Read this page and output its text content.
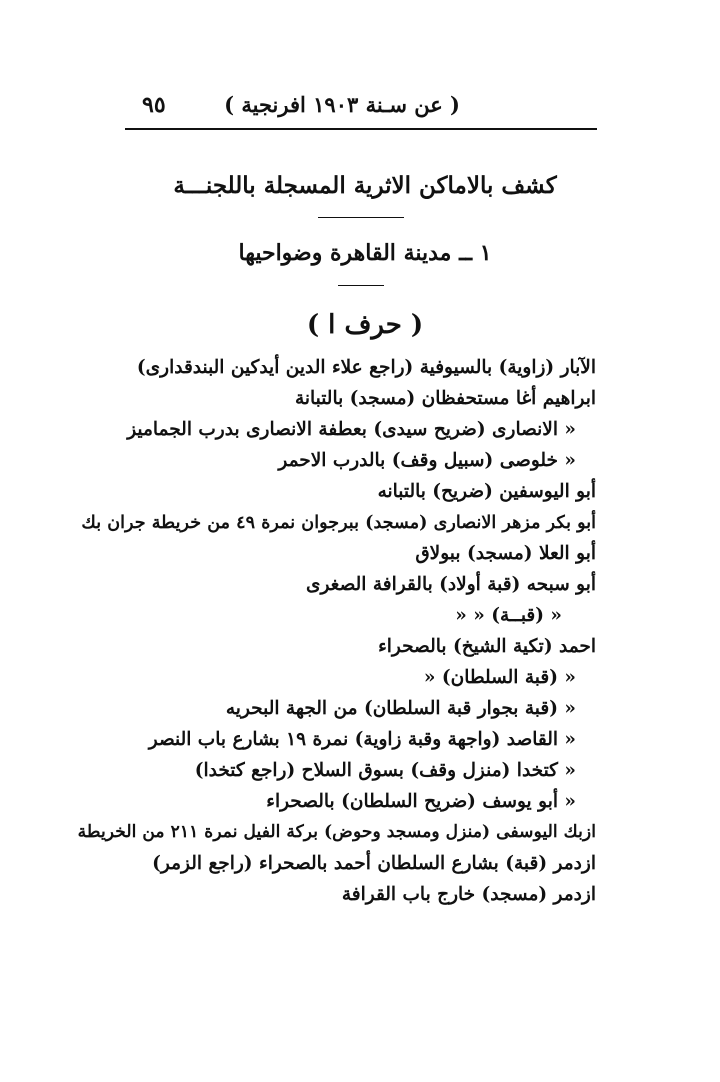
٩٥	( عن سـنة ١٩٠٣ افرنجية )
كشف بالاماكن الاثرية المسجلة باللجنـــة
١ ــ مدينة القاهرة وضواحيها
( حرف ا )
الآبار (زاوية) بالسيوفية (راجع علاء الدين أيدكين البندقدارى)
ابراهيم أغا مستحفظان (مسجد) بالتبانة
« الانصارى (ضريح سيدى) بعطفة الانصارى بدرب الجماميز
« خلوصى (سبيل وقف) بالدرب الاحمر
أبو اليوسفين (ضريح) بالتبانه
أبو بكر مزهر الانصارى (مسجد) ببرجوان نمرة ٤٩ من خريطة جران بك
أبو العلا (مسجد) ببولاق
أبو سبحه (قبة أولاد) بالقرافة الصغرى
« (قبــة) « «
احمد (تكية الشيخ) بالصحراء
« (قبة السلطان) «
« (قبة بجوار قبة السلطان) من الجهة البحريه
« القاصد (واجهة وقبة زاوية) نمرة ١٩ بشارع باب النصر
« كتخدا (منزل وقف) بسوق السلاح (راجع كتخدا)
« أبو يوسف (ضريح السلطان) بالصحراء
ازبك اليوسفى (منزل ومسجد وحوض) بركة الفيل نمرة ٢١١ من الخريطة
ازدمر (قبة) بشارع السلطان أحمد بالصحراء (راجع الزمر)
ازدمر (مسجد) خارج باب القرافة
